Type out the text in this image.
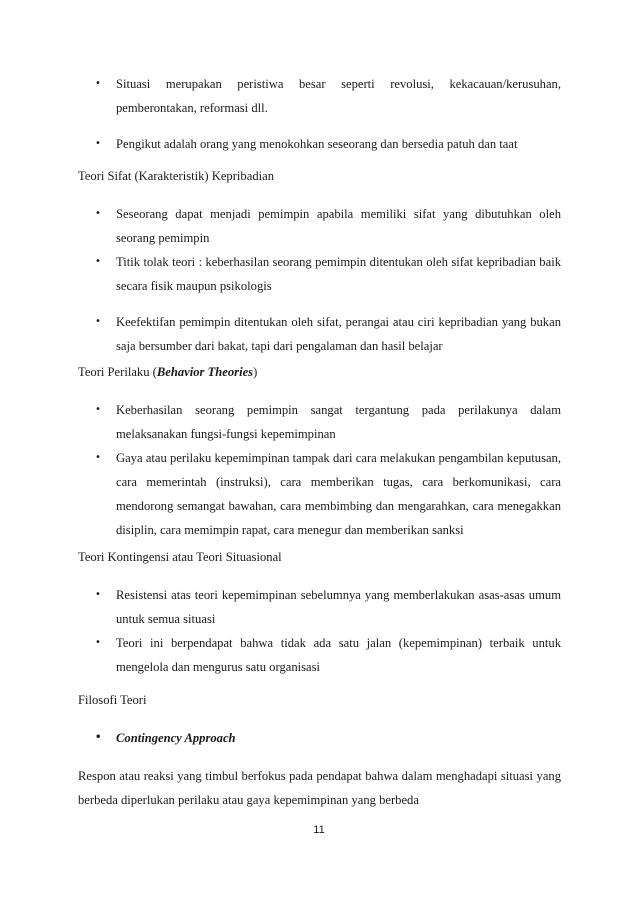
• Situasi merupakan peristiwa besar seperti revolusi, kekacauan/kerusuhan, pemberontakan, reformasi dll.
• Pengikut adalah orang yang menokohkan seseorang dan bersedia patuh dan taat

Teori Sifat (Karakteristik) Kepribadian

• Seseorang dapat menjadi pemimpin apabila memiliki sifat yang dibutuhkan oleh seorang pemimpin
• Titik tolak teori : keberhasilan seorang pemimpin ditentukan oleh sifat kepribadian baik secara fisik maupun psikologis
• Keefektifan pemimpin ditentukan oleh sifat, perangai atau ciri kepribadian yang bukan saja bersumber dari bakat, tapi dari pengalaman dan hasil belajar

Teori Perilaku (Behavior Theories)

• Keberhasilan seorang pemimpin sangat tergantung pada perilakunya dalam melaksanakan fungsi-fungsi kepemimpinan
• Gaya atau perilaku kepemimpinan tampak dari cara melakukan pengambilan keputusan, cara memerintah (instruksi), cara memberikan tugas, cara berkomunikasi, cara mendorong semangat bawahan, cara membimbing dan mengarahkan, cara menegakkan disiplin, cara memimpin rapat, cara menegur dan memberikan sanksi

Teori Kontingensi atau Teori Situasional

• Resistensi atas teori kepemimpinan sebelumnya yang memberlakukan asas-asas umum untuk semua situasi
• Teori ini berpendapat bahwa tidak ada satu jalan (kepemimpinan) terbaik untuk mengelola dan mengurus satu organisasi

Filosofi Teori

• Contingency Approach

Respon atau reaksi yang timbul berfokus pada pendapat bahwa dalam menghadapi situasi yang berbeda diperlukan perilaku atau gaya kepemimpinan yang berbeda

11
